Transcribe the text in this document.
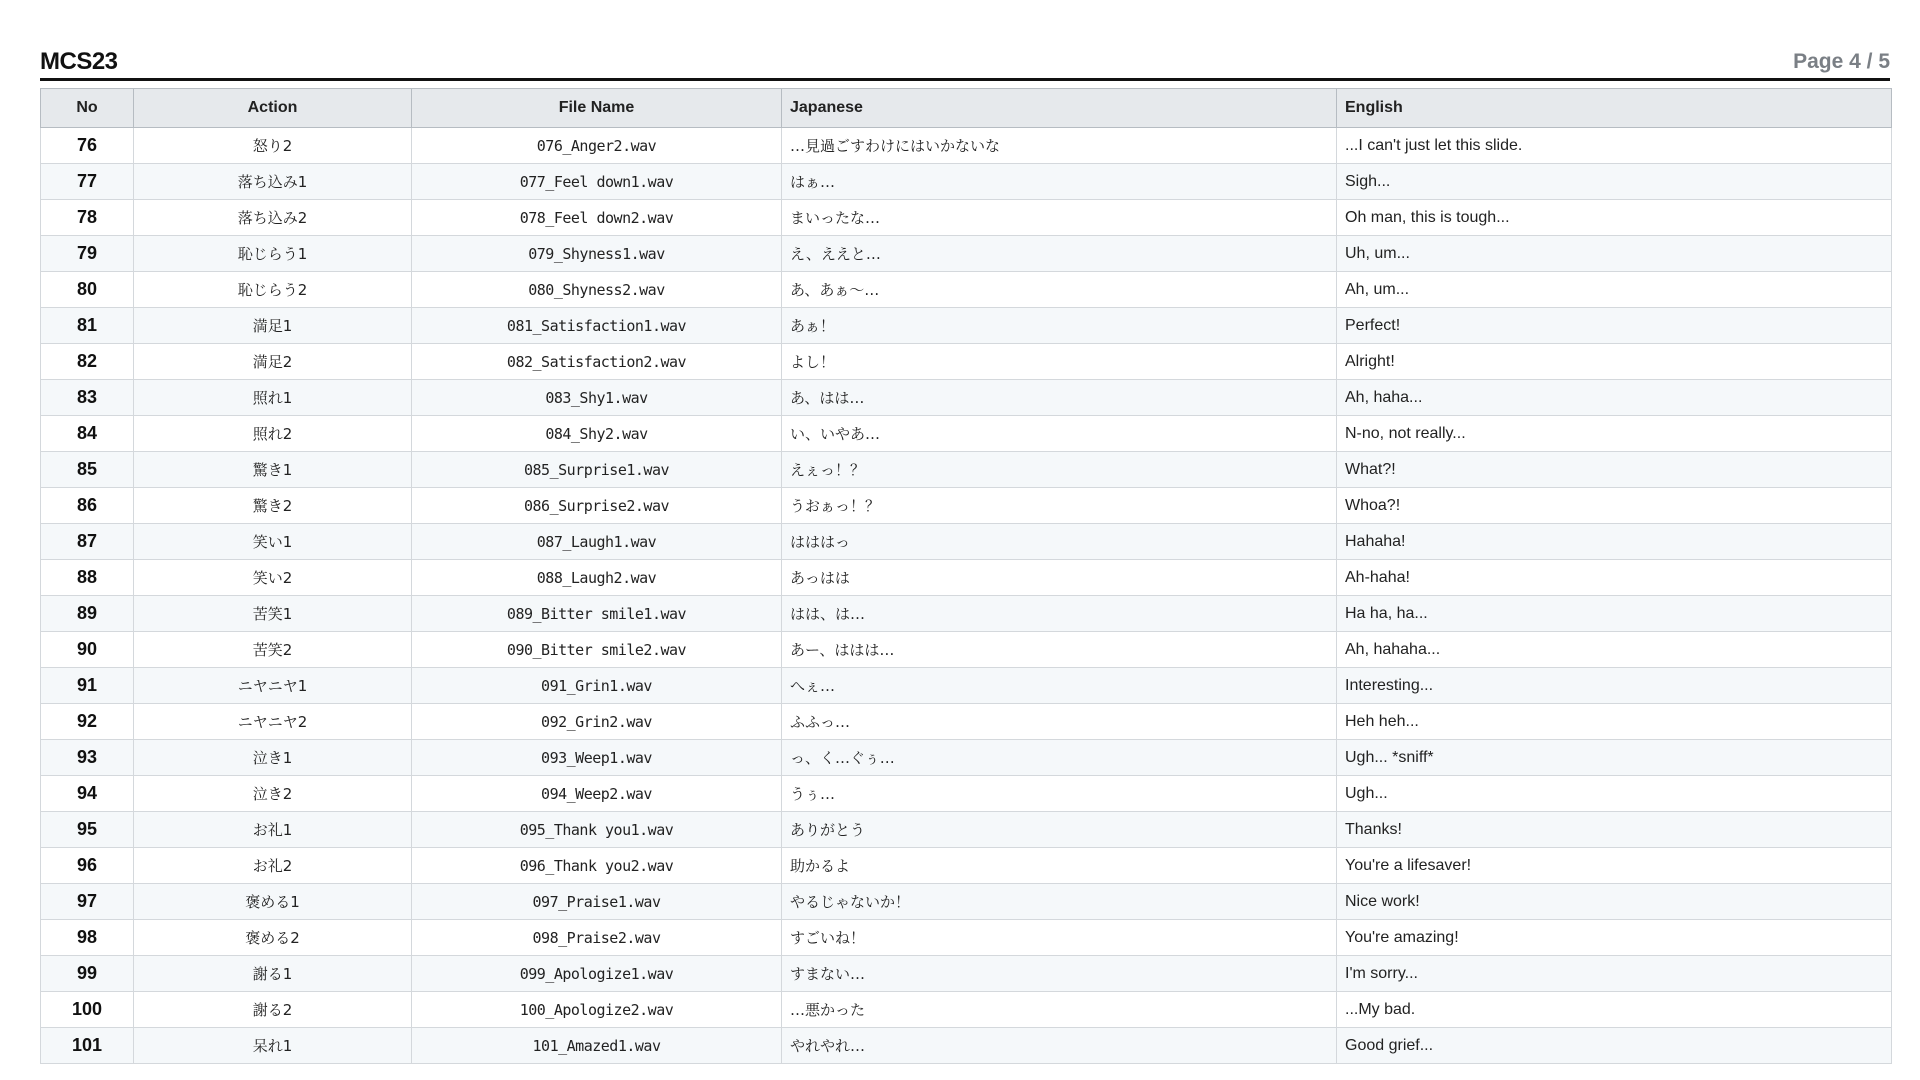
MCS23	Page 4 / 5
No	Action	File Name	Japanese	English
76	怒り2	076_Anger2.wav	…見過ごすわけにはいかないな	...I can't just let this slide.
77	落ち込み1	077_Feel down1.wav	はぁ…	Sigh...
78	落ち込み2	078_Feel down2.wav	まいったな…	Oh man, this is tough...
79	恥じらう1	079_Shyness1.wav	え、ええと…	Uh, um...
80	恥じらう2	080_Shyness2.wav	あ、あぁ〜…	Ah, um...
81	満足1	081_Satisfaction1.wav	あぁ！	Perfect!
82	満足2	082_Satisfaction2.wav	よし！	Alright!
83	照れ1	083_Shy1.wav	あ、はは…	Ah, haha...
84	照れ2	084_Shy2.wav	い、いやあ…	N-no, not really...
85	驚き1	085_Surprise1.wav	えぇっ！？	What?!
86	驚き2	086_Surprise2.wav	うおぁっ！？	Whoa?!
87	笑い1	087_Laugh1.wav	はははっ	Hahaha!
88	笑い2	088_Laugh2.wav	あっはは	Ah-haha!
89	苦笑1	089_Bitter smile1.wav	はは、は…	Ha ha, ha...
90	苦笑2	090_Bitter smile2.wav	あー、ははは…	Ah, hahaha...
91	ニヤニヤ1	091_Grin1.wav	へぇ…	Interesting...
92	ニヤニヤ2	092_Grin2.wav	ふふっ…	Heh heh...
93	泣き1	093_Weep1.wav	っ、く…ぐぅ…	Ugh... *sniff*
94	泣き2	094_Weep2.wav	うぅ…	Ugh...
95	お礼1	095_Thank you1.wav	ありがとう	Thanks!
96	お礼2	096_Thank you2.wav	助かるよ	You're a lifesaver!
97	褒める1	097_Praise1.wav	やるじゃないか！	Nice work!
98	褒める2	098_Praise2.wav	すごいね！	You're amazing!
99	謝る1	099_Apologize1.wav	すまない…	I'm sorry...
100	謝る2	100_Apologize2.wav	…悪かった	...My bad.
101	呆れ1	101_Amazed1.wav	やれやれ…	Good grief...
